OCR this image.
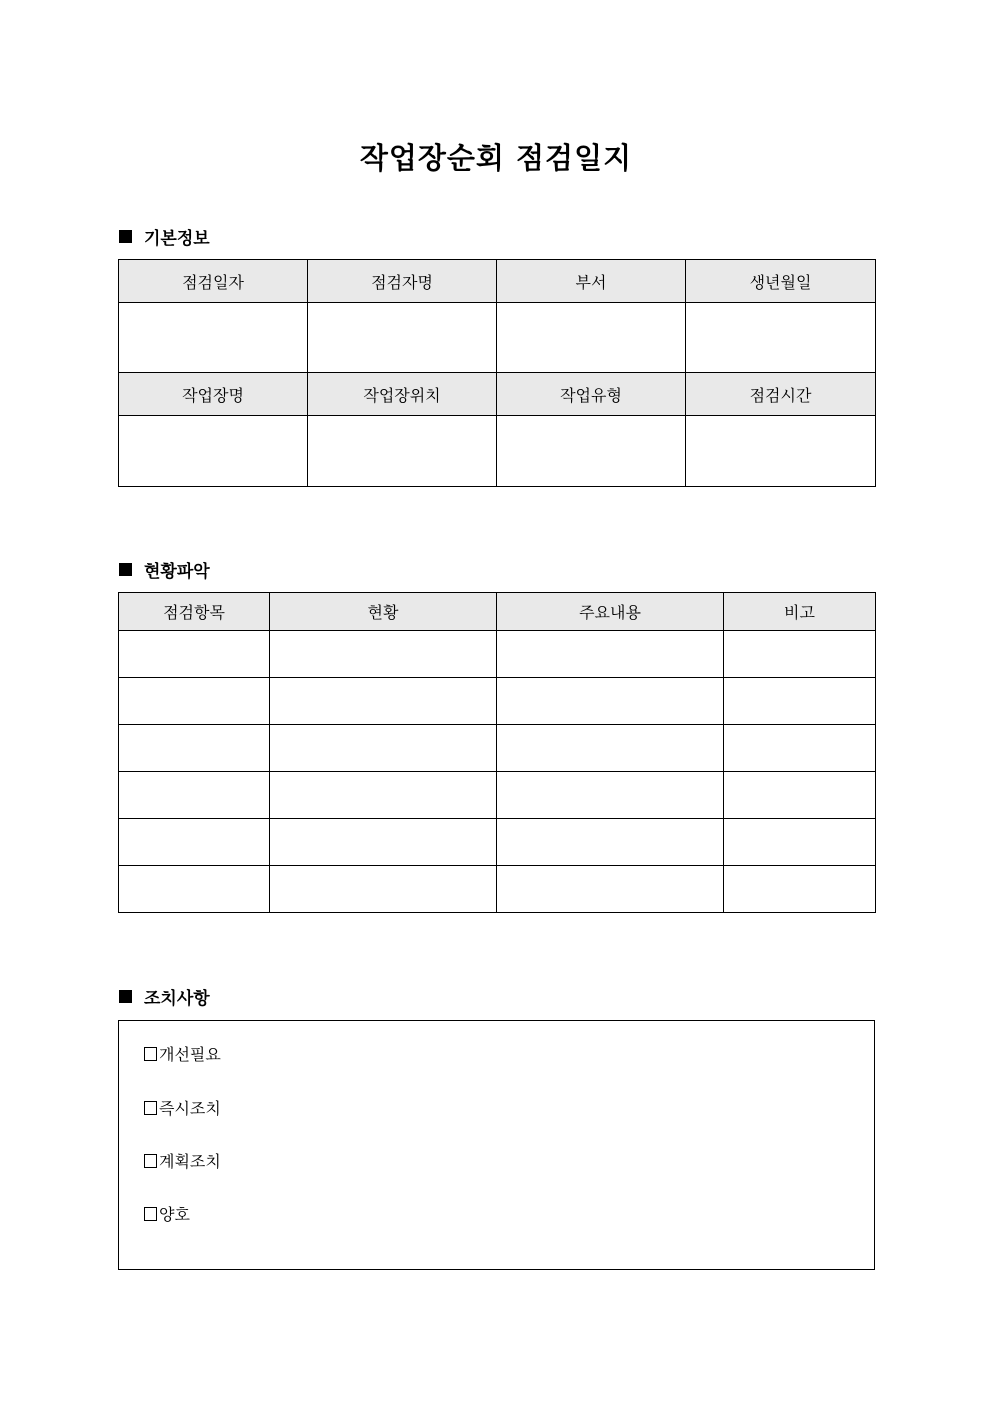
작업장순회 점검일지
기본정보
점검일자	점검자명	부서	생년월일

작업장명	작업장위치	작업유형	점검시간

현황파악
점검항목	현황	주요내용	비고

조치사항
개선필요
즉시조치
계획조치
양호
